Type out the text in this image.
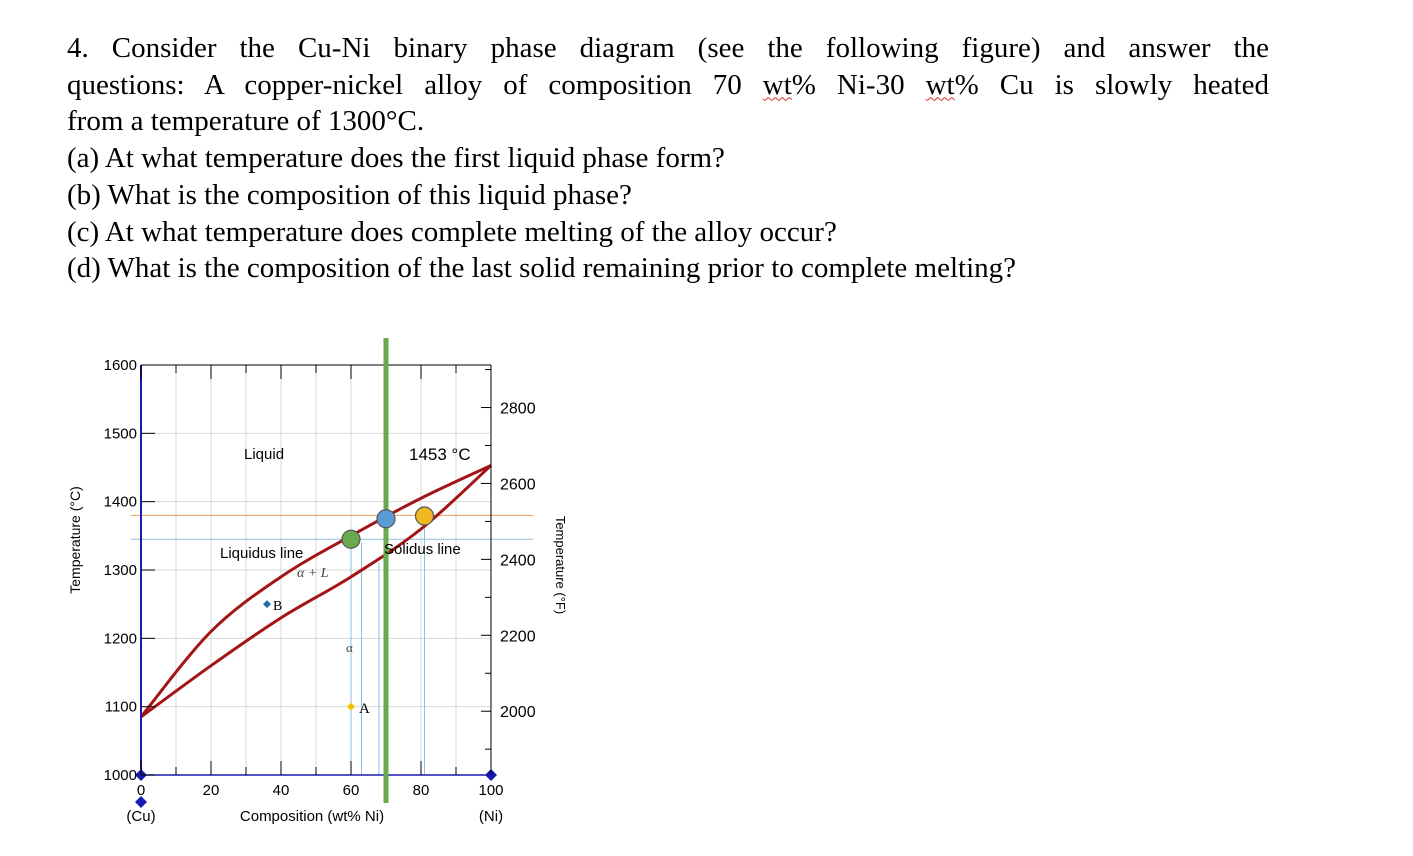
4. Consider the Cu-Ni binary phase diagram (see the following figure) and answer the
questions: A copper-nickel alloy of composition 70 wt% Ni-30 wt% Cu is slowly heated
from a temperature of 1300°C.
(a) At what temperature does the first liquid phase form?
(b) What is the composition of this liquid phase?
(c) At what temperature does complete melting of the alloy occur?
(d) What is the composition of the last solid remaining prior to complete melting?
1000
1100
1200
1300
1400
1500
1600
2000
2200
2400
2600
2800
0	20	40	60	80	100
Temperature (°C)	Temperature (°F)
Composition (wt% Ni)
(Cu)	(Ni)
Liquid	1453 °C
Liquidus line	Solidus line
α + L
α
A
B
